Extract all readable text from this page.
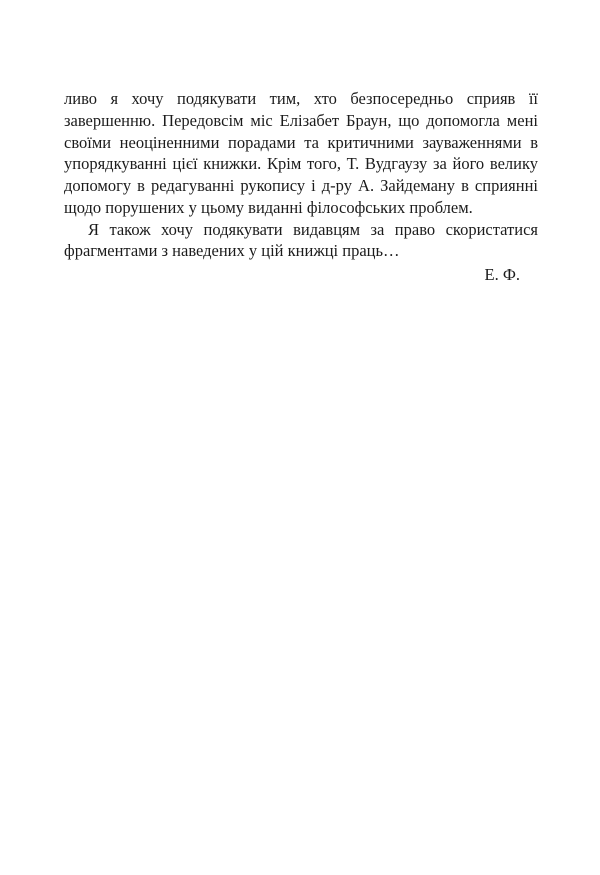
ливо я хочу подякувати тим, хто безпосередньо сприяв її завершенню. Передовсім міс Елізабет Браун, що допомогла мені своїми неоціненними порадами та критичними зауваженнями в упорядкуванні цієї книжки. Крім того, Т. Вудгаузу за його велику допомогу в редагуванні рукопису і д-ру А. Зайдеману в сприянні щодо порушених у цьому виданні філософських проблем.

Я також хочу подякувати видавцям за право скористатися фрагментами з наведених у цій книжці праць…

Е. Ф.
